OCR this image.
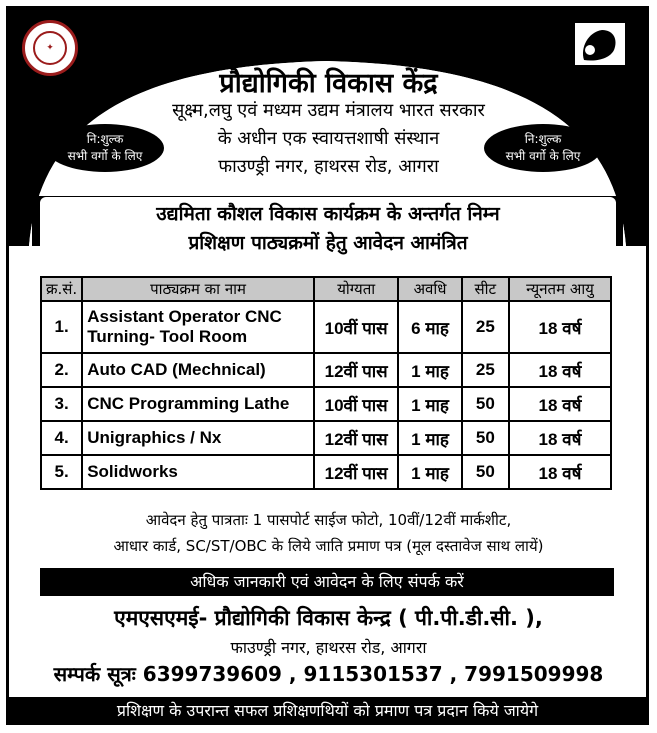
✦
PPDC
एमएसएमई
प्रौद्योगिकी विकास केंद्र
सूक्ष्म,लघु एवं मध्यम उद्यम मंत्रालय भारत सरकार
के अधीन एक स्वायत्तशाषी संस्थान
फाउण्ड्री नगर, हाथरस रोड, आगरा
नि:शुल्क
सभी वर्गो के लिए
नि:शुल्क
सभी वर्गो के लिए
उद्यमिता कौशल विकास कार्यक्रम के अन्तर्गत निम्न
प्रशिक्षण पाठ्यक्रमों हेतु आवेदन आमंत्रित
क्र.सं.	पाठ्यक्रम का नाम	योग्यता	अवधि	सीट	न्यूनतम आयु
1.	Assistant Operator CNC Turning- Tool Room	10वीं पास	6 माह	25	18 वर्ष
2.	Auto CAD (Mechnical)	12वीं पास	1 माह	25	18 वर्ष
3.	CNC Programming Lathe	10वीं पास	1 माह	50	18 वर्ष
4.	Unigraphics / Nx	12वीं पास	1 माह	50	18 वर्ष
5.	Solidworks	12वीं पास	1 माह	50	18 वर्ष
आवेदन हेतु पात्रताः 1 पासपोर्ट साईज फोटो, 10वीं/12वीं मार्कशीट,
आधार कार्ड, SC/ST/OBC के लिये जाति प्रमाण पत्र (मूल दस्तावेज साथ लायें)
अधिक जानकारी एवं आवेदन के लिए संपर्क करें
एमएसएमई- प्रौद्योगिकी विकास केन्द्र ( पी.पी.डी.सी. ),
फाउण्ड्री नगर, हाथरस रोड, आगरा
सम्पर्क सूत्रः 6399739609 , 9115301537 , 7991509998
प्रशिक्षण के उपरान्त सफल प्रशिक्षणथियों को प्रमाण पत्र प्रदान किये जायेगे
